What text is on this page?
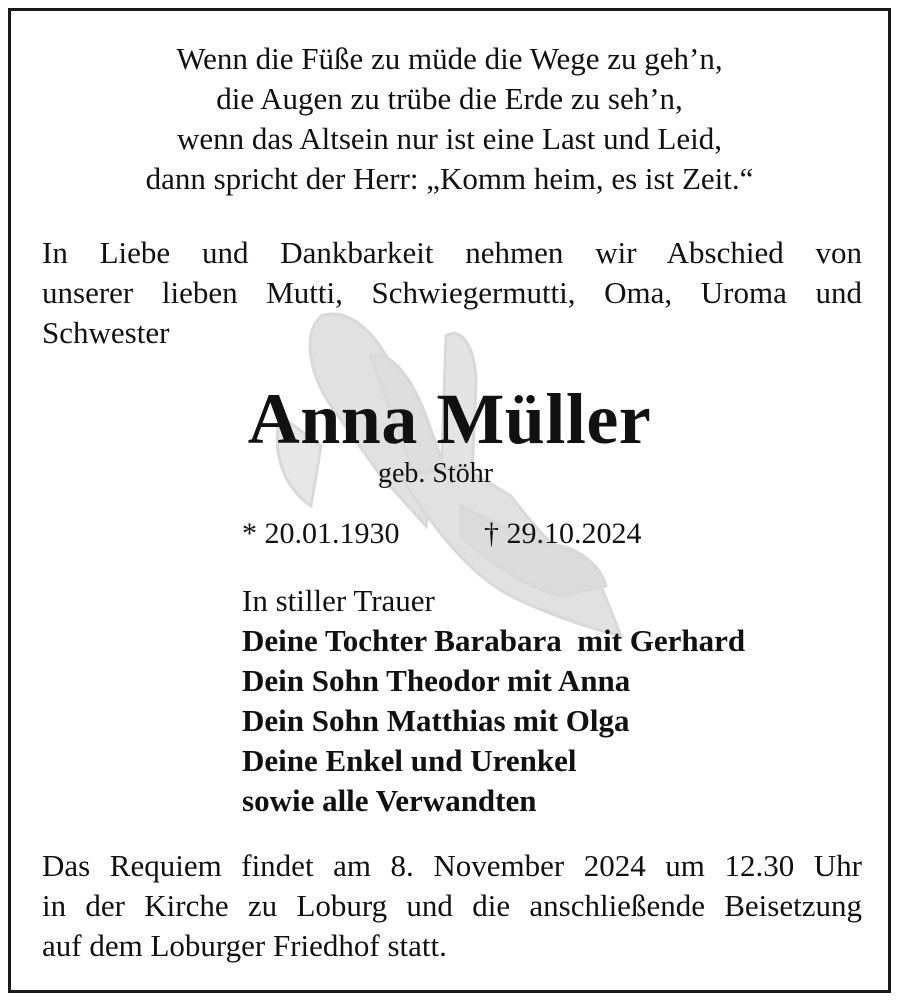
Wenn die Füße zu müde die Wege zu geh’n,
die Augen zu trübe die Erde zu seh’n,
wenn das Altsein nur ist eine Last und Leid,
dann spricht der Herr: „Komm heim, es ist Zeit.“
In Liebe und Dankbarkeit nehmen wir Abschied von
unserer lieben Mutti, Schwiegermutti, Oma, Uroma und
Schwester
Anna Müller
geb. Stöhr
* 20.01.1930	† 29.10.2024
In stiller Trauer
Deine Tochter Barabara  mit Gerhard
Dein Sohn Theodor mit Anna
Dein Sohn Matthias mit Olga
Deine Enkel und Urenkel
sowie alle Verwandten
Das Requiem findet am 8. November 2024 um 12.30 Uhr
in der Kirche zu Loburg und die anschließende Beisetzung
auf dem Loburger Friedhof statt.
